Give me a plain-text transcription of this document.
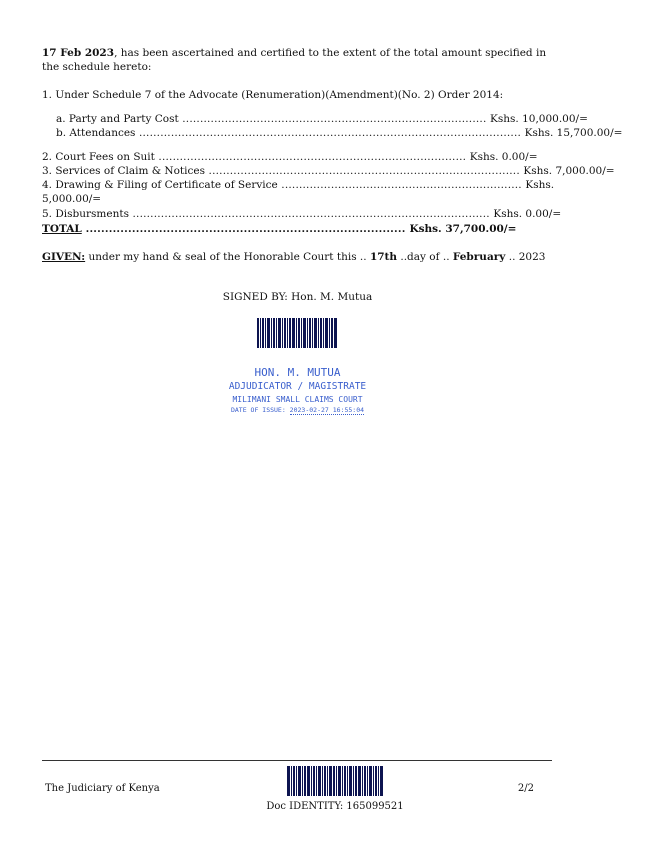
17 Feb 2023, has been ascertained and certified to the extent of the total amount specified in the schedule hereto:
1. Under Schedule 7 of the Advocate (Renumeration)(Amendment)(No. 2) Order 2014:
a. Party and Party Cost ...................................................................................... Kshs. 10,000.00/=
b. Attendances ............................................................................................................ Kshs. 15,700.00/=
2. Court Fees on Suit ....................................................................................... Kshs. 0.00/=
3. Services of Claim & Notices ........................................................................................ Kshs. 7,000.00/=
4. Drawing & Filing of Certificate of Service .................................................................... Kshs.
5,000.00/=
5. Disbursments ..................................................................................................... Kshs. 0.00/=
TOTAL ................................................................................... Kshs. 37,700.00/=
GIVEN: under my hand & seal of the Honorable Court this .. 17th ..day of .. February .. 2023
SIGNED BY: Hon. M. Mutua
HON. M. MUTUA
ADJUDICATOR / MAGISTRATE
MILIMANI SMALL CLAIMS COURT
DATE OF ISSUE: 2023-02-27 16:55:04
The Judiciary of Kenya	2/2
Doc IDENTITY: 165099521
